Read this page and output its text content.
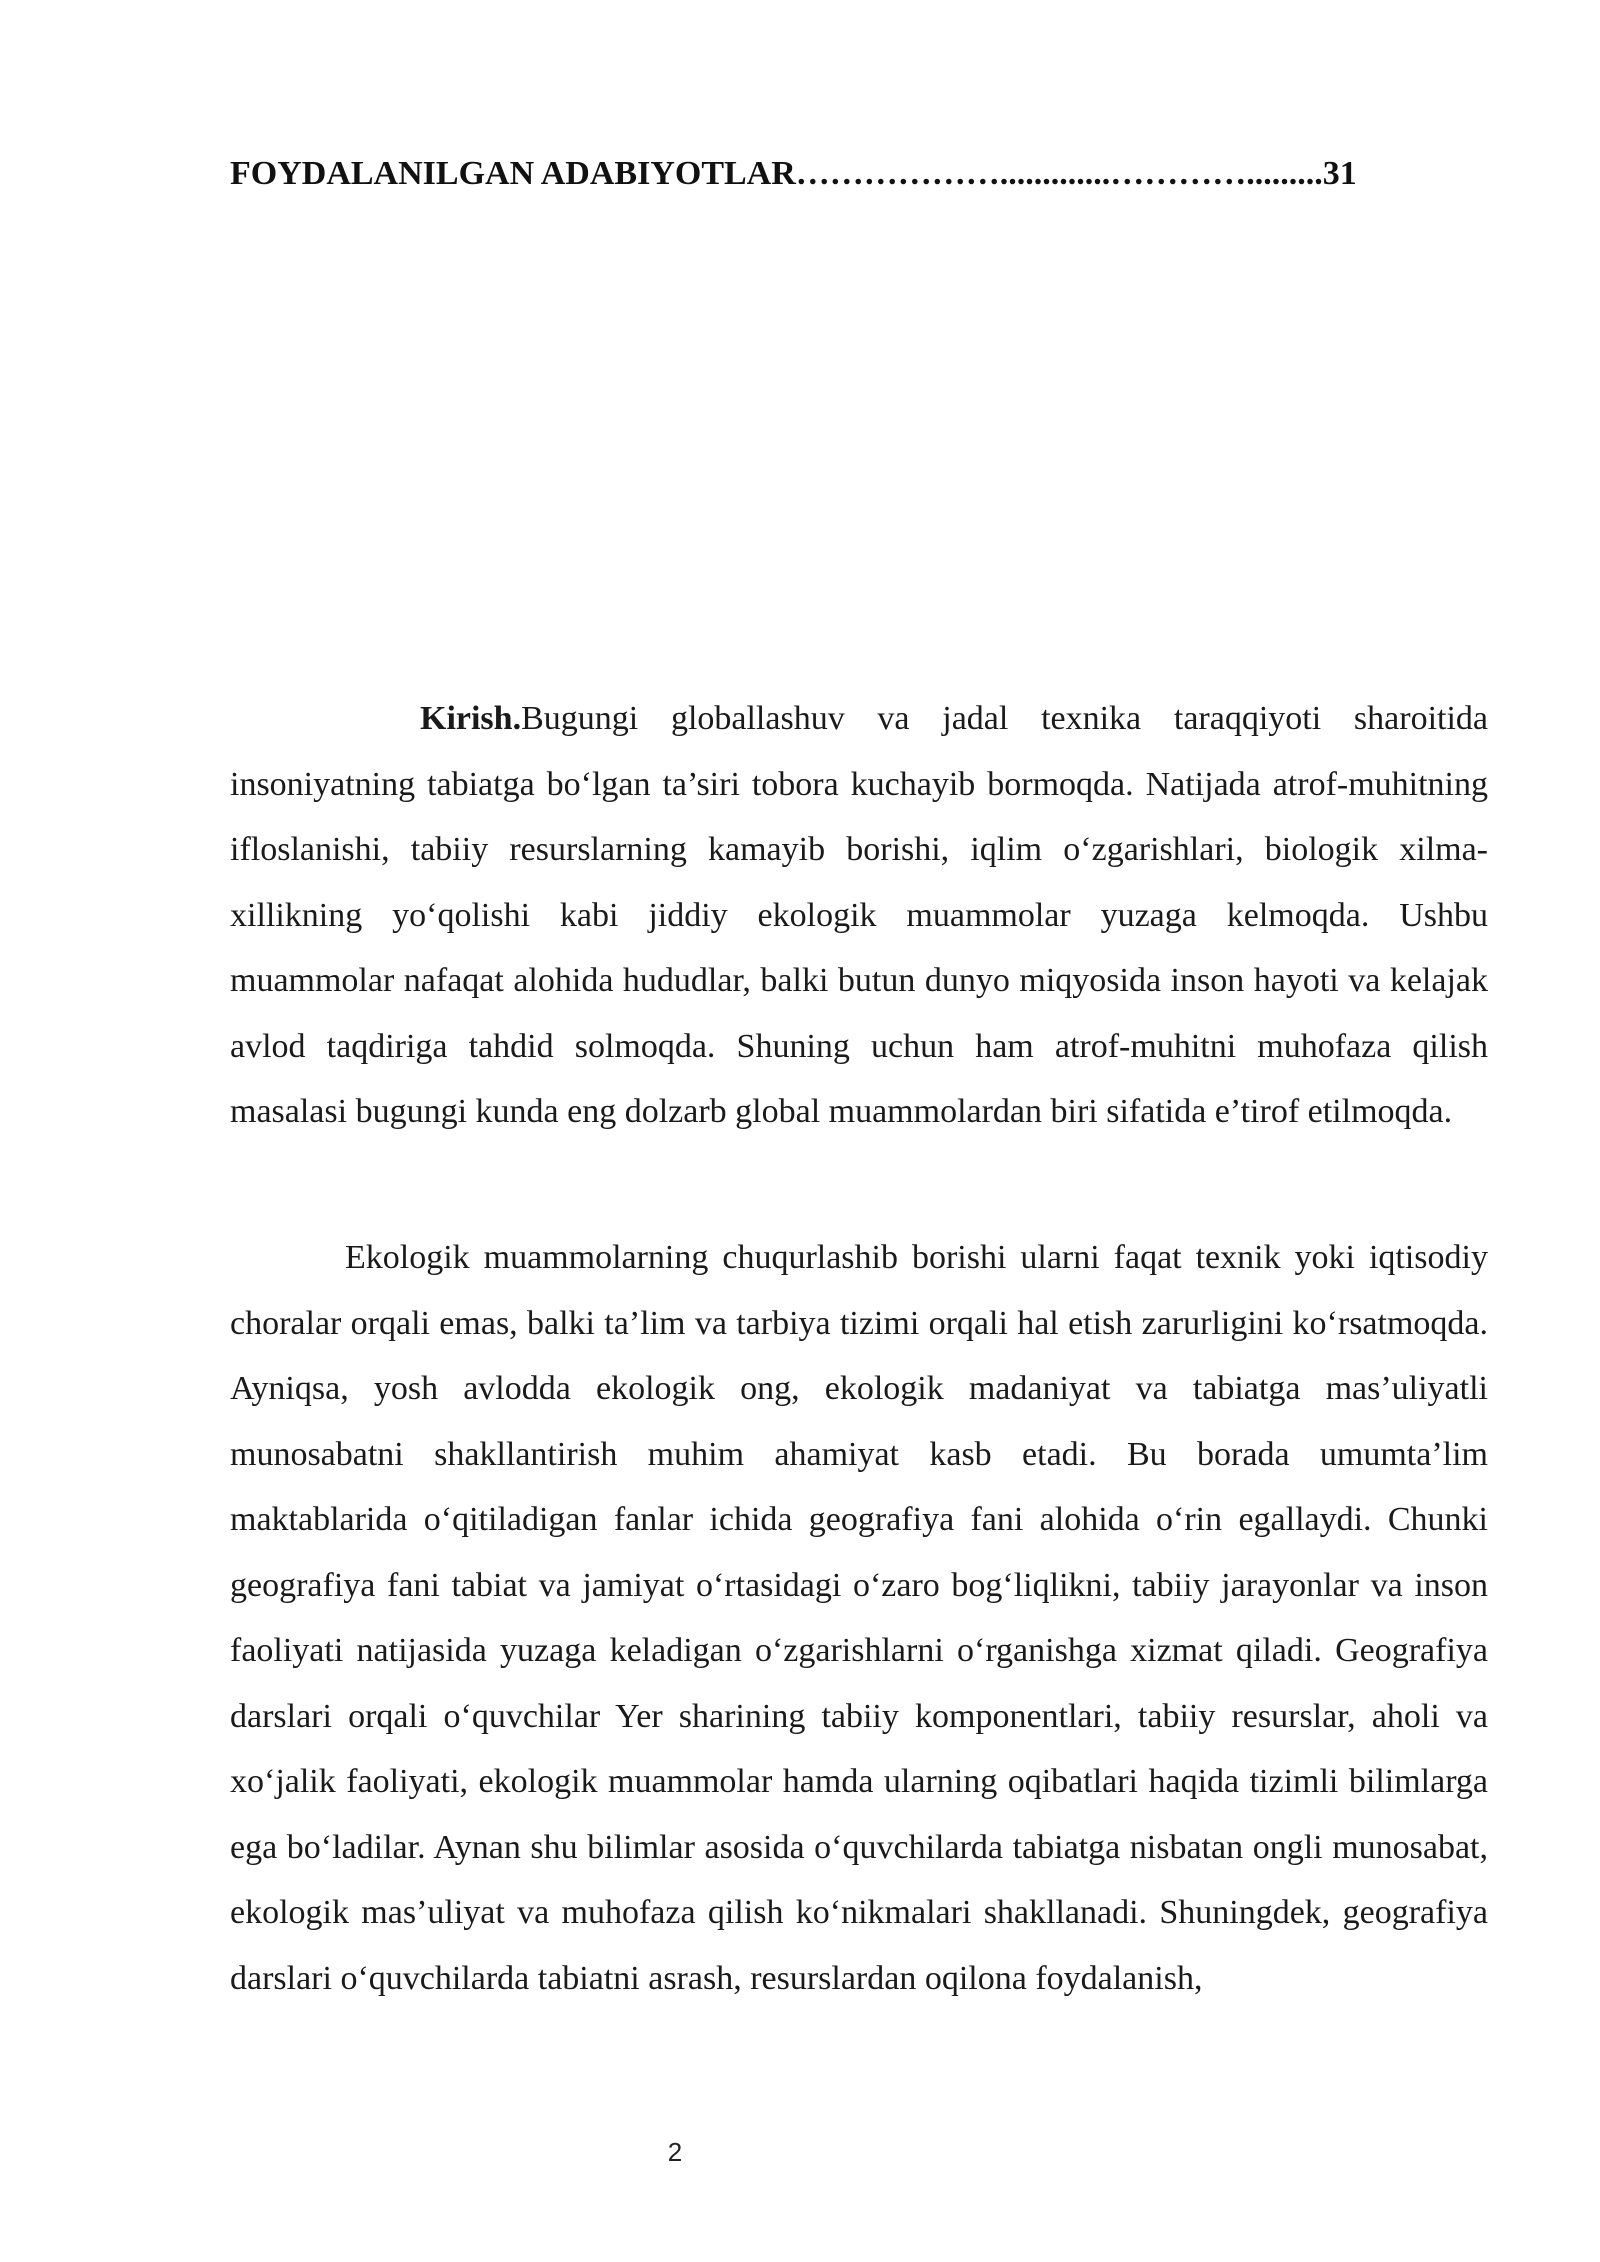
FOYDALANILGAN ADABIYOTLAR……………….............………….........31

Kirish.Bugungi globallashuv va jadal texnika taraqqiyoti sharoitida insoniyatning tabiatga bo‘lgan ta’siri tobora kuchayib bormoqda. Natijada atrof-muhitning ifloslanishi, tabiiy resurslarning kamayib borishi, iqlim o‘zgarishlari, biologik xilma-xillikning yo‘qolishi kabi jiddiy ekologik muammolar yuzaga kelmoqda. Ushbu muammolar nafaqat alohida hududlar, balki butun dunyo miqyosida inson hayoti va kelajak avlod taqdiriga tahdid solmoqda. Shuning uchun ham atrof-muhitni muhofaza qilish masalasi bugungi kunda eng dolzarb global muammolardan biri sifatida e’tirof etilmoqda.

Ekologik muammolarning chuqurlashib borishi ularni faqat texnik yoki iqtisodiy choralar orqali emas, balki ta’lim va tarbiya tizimi orqali hal etish zarurligini ko‘rsatmoqda. Ayniqsa, yosh avlodda ekologik ong, ekologik madaniyat va tabiatga mas’uliyatli munosabatni shakllantirish muhim ahamiyat kasb etadi. Bu borada umumta’lim maktablarida o‘qitiladigan fanlar ichida geografiya fani alohida o‘rin egallaydi. Chunki geografiya fani tabiat va jamiyat o‘rtasidagi o‘zaro bog‘liqlikni, tabiiy jarayonlar va inson faoliyati natijasida yuzaga keladigan o‘zgarishlarni o‘rganishga xizmat qiladi. Geografiya darslari orqali o‘quvchilar Yer sharining tabiiy komponentlari, tabiiy resurslar, aholi va xo‘jalik faoliyati, ekologik muammolar hamda ularning oqibatlari haqida tizimli bilimlarga ega bo‘ladilar. Aynan shu bilimlar asosida o‘quvchilarda tabiatga nisbatan ongli munosabat, ekologik mas’uliyat va muhofaza qilish ko‘nikmalari shakllanadi. Shuningdek, geografiya darslari o‘quvchilarda tabiatni asrash, resurslardan oqilona foydalanish,

2
